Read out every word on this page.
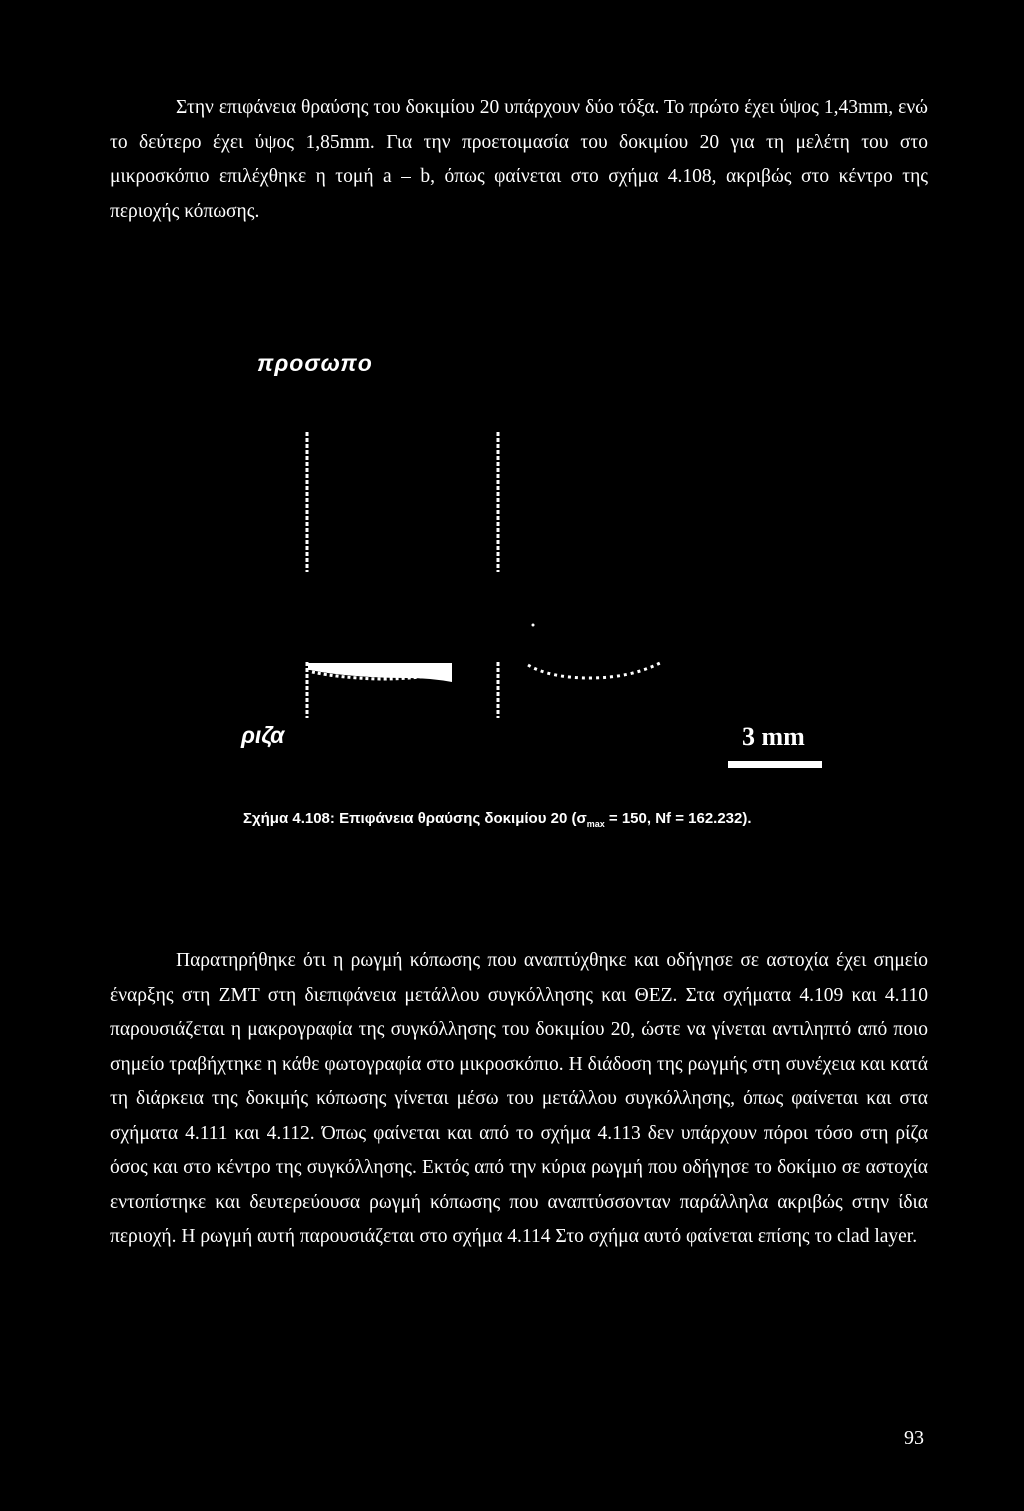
Στην επιφάνεια θραύσης του δοκιμίου 20 υπάρχουν δύο τόξα. Το πρώτο έχει ύψος 1,43mm, ενώ το δεύτερο έχει ύψος 1,85mm. Για την προετοιμασία του δοκιμίου 20 για τη μελέτη του στο μικροσκόπιο επιλέχθηκε η τομή a – b, όπως φαίνεται στο σχήμα 4.108, ακριβώς στο κέντρο της περιοχής κόπωσης.

προσωπο
ριζα	3 mm
Σχήμα 4.108: Επιφάνεια θραύσης δοκιμίου 20 ($\sigma_{max} = 150$, Nf = 162.232).

Παρατηρήθηκε ότι η ρωγμή κόπωσης που αναπτύχθηκε και οδήγησε σε αστοχία έχει σημείο έναρξης στη ΖΜΤ στη διεπιφάνεια μετάλλου συγκόλλησης και ΘΕΖ. Στα σχήματα 4.109 και 4.110 παρουσιάζεται η μακρογραφία της συγκόλλησης του δοκιμίου 20, ώστε να γίνεται αντιληπτό από ποιο σημείο τραβήχτηκε η κάθε φωτογραφία στο μικροσκόπιο. Η διάδοση της ρωγμής στη συνέχεια και κατά τη διάρκεια της δοκιμής κόπωσης γίνεται μέσω του μετάλλου συγκόλλησης, όπως φαίνεται και στα σχήματα 4.111 και 4.112. Όπως φαίνεται και από το σχήμα 4.113 δεν υπάρχουν πόροι τόσο στη ρίζα όσος και στο κέντρο της συγκόλλησης. Εκτός από την κύρια ρωγμή που οδήγησε το δοκίμιο σε αστοχία εντοπίστηκε και δευτερεύουσα ρωγμή κόπωσης που αναπτύσσονταν παράλληλα ακριβώς στην ίδια περιοχή. Η ρωγμή αυτή παρουσιάζεται στο σχήμα 4.114 Στο σχήμα αυτό φαίνεται επίσης το clad layer.

93
